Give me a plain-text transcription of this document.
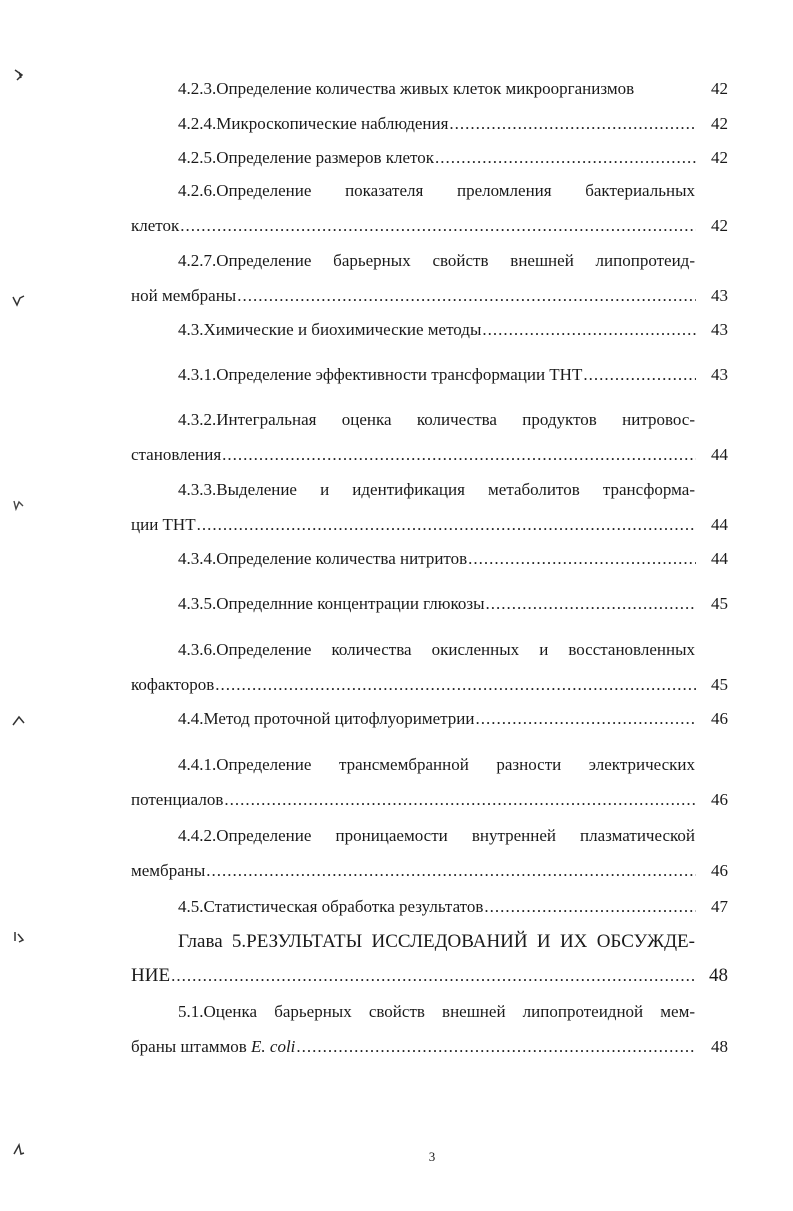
4.2.3.Определение количества живых клеток микроорганизмов	42
4.2.4.Микроскопические наблюдения .....	42
4.2.5.Определение размеров клеток .....	42
4.2.6.Определение показателя преломления бактериальных
клеток .....	42
4.2.7.Определение барьерных свойств внешней липопротеид-
ной мембраны .....	43
4.3.Химические и биохимические методы .....	43
4.3.1.Определение эффективности трансформации ТНТ .....	43
4.3.2.Интегральная оценка количества продуктов нитровос-
становления .....	44
4.3.3.Выделение и идентификация метаболитов трансформа-
ции ТНТ .....	44
4.3.4.Определение количества нитритов .....	44
4.3.5.Определнние концентрации глюкозы .....	45
4.3.6.Определение количества окисленных и восстановленных
кофакторов .....	45
4.4.Метод проточной цитофлуориметрии .....	46
4.4.1.Определение трансмембранной разности электрических
потенциалов .....	46
4.4.2.Определение проницаемости внутренней плазматической
мембраны .....	46
4.5.Статистическая обработка результатов .....	47
Глава 5.РЕЗУЛЬТАТЫ ИССЛЕДОВАНИЙ И ИХ ОБСУЖДЕ-
НИЕ .....	48
5.1.Оценка барьерных свойств внешней липопротеидной мем-
браны штаммов E. coli .....	48
3
